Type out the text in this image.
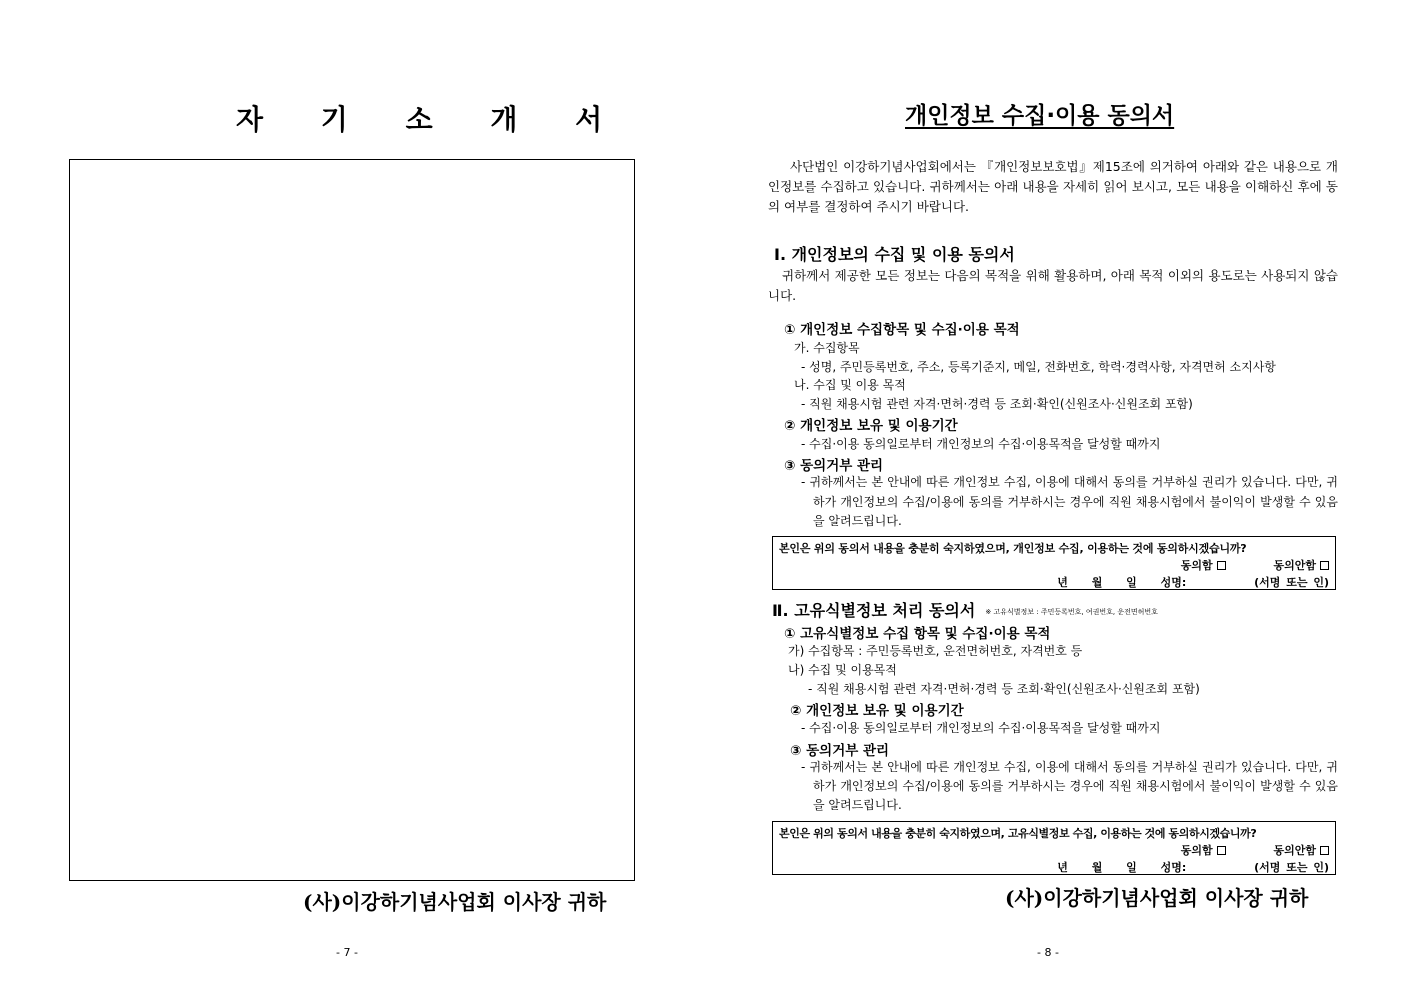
자 기 소 개 서
(사)이강하기념사업회 이사장 귀하
- 7 -
개인정보 수집·이용 동의서
사단법인 이강하기념사업회에서는 『개인정보보호법』제15조에 의거하여 아래와 같은 내용으로 개인정보를 수집하고 있습니다. 귀하께서는 아래 내용을 자세히 읽어 보시고, 모든 내용을 이해하신 후에 동의 여부를 결정하여 주시기 바랍니다.
Ⅰ. 개인정보의 수집 및 이용 동의서
귀하께서 제공한 모든 정보는 다음의 목적을 위해 활용하며, 아래 목적 이외의 용도로는 사용되지 않습니다.
① 개인정보 수집항목 및 수집·이용 목적
가. 수집항목
- 성명, 주민등록번호, 주소, 등록기준지, 메일, 전화번호, 학력·경력사항, 자격면허 소지사항
나. 수집 및 이용 목적
- 직원 채용시험 관련 자격·면허·경력 등 조회·확인(신원조사·신원조회 포함)
② 개인정보 보유 및 이용기간
- 수집·이용 동의일로부터 개인정보의 수집·이용목적을 달성할 때까지
③ 동의거부 관리
- 귀하께서는 본 안내에 따른 개인정보 수집, 이용에 대해서 동의를 거부하실 권리가 있습니다. 다만, 귀하가 개인정보의 수집/이용에 동의를 거부하시는 경우에 직원 채용시험에서 불이익이 발생할 수 있음을 알려드립니다.
본인은 위의 동의서 내용을 충분히 숙지하였으며, 개인정보 수집, 이용하는 것에 동의하시겠습니까?
동의함	동의안함
년 월 일 성명:	(서명 또는 인)
Ⅱ. 고유식별정보 처리 동의서 ※ 고유식별정보 : 주민등록번호, 여권번호, 운전면허번호
① 고유식별정보 수집 항목 및 수집·이용 목적
가) 수집항목 : 주민등록번호, 운전면허번호, 자격번호 등
나) 수집 및 이용목적
- 직원 채용시험 관련 자격·면허·경력 등 조회·확인(신원조사·신원조회 포함)
② 개인정보 보유 및 이용기간
- 수집·이용 동의일로부터 개인정보의 수집·이용목적을 달성할 때까지
③ 동의거부 관리
- 귀하께서는 본 안내에 따른 개인정보 수집, 이용에 대해서 동의를 거부하실 권리가 있습니다. 다만, 귀하가 개인정보의 수집/이용에 동의를 거부하시는 경우에 직원 채용시험에서 불이익이 발생할 수 있음을 알려드립니다.
본인은 위의 동의서 내용을 충분히 숙지하였으며, 고유식별정보 수집, 이용하는 것에 동의하시겠습니까?
동의함	동의안함
년 월 일 성명:	(서명 또는 인)
(사)이강하기념사업회 이사장 귀하
- 8 -
